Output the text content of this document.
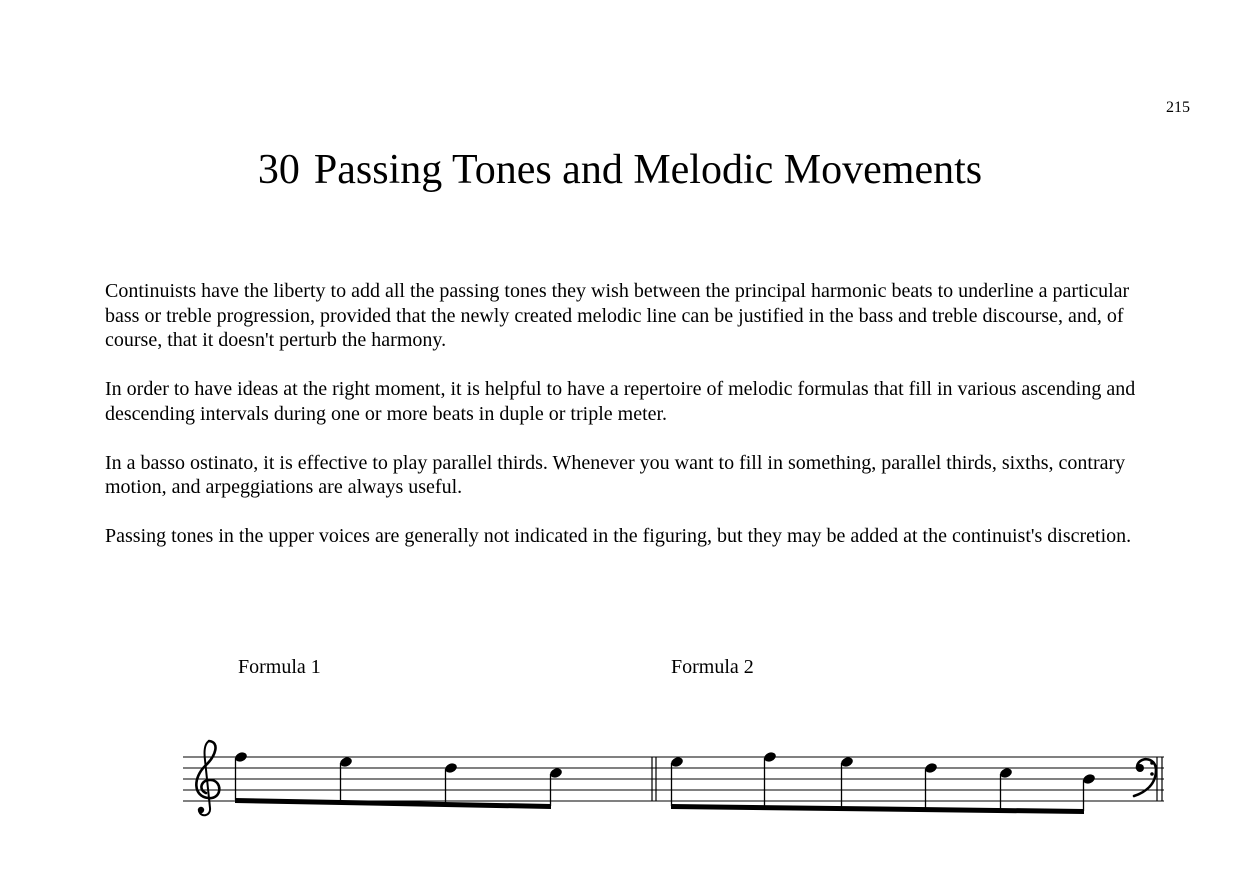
215
30 Passing Tones and Melodic Movements

Continuists have the liberty to add all the passing tones they wish between the principal harmonic beats to underline a particular bass or treble progression, provided that the newly created melodic line can be justified in the bass and treble discourse, and, of course, that it doesn't perturb the harmony.

In order to have ideas at the right moment, it is helpful to have a repertoire of melodic formulas that fill in various ascending and descending intervals during one or more beats in duple or triple meter.

In a basso ostinato, it is effective to play parallel thirds. Whenever you want to fill in something, parallel thirds, sixths, contrary motion, and arpeggiations are always useful.

Passing tones in the upper voices are generally not indicated in the figuring, but they may be added at the continuist's discretion.

Formula 1	Formula 2
